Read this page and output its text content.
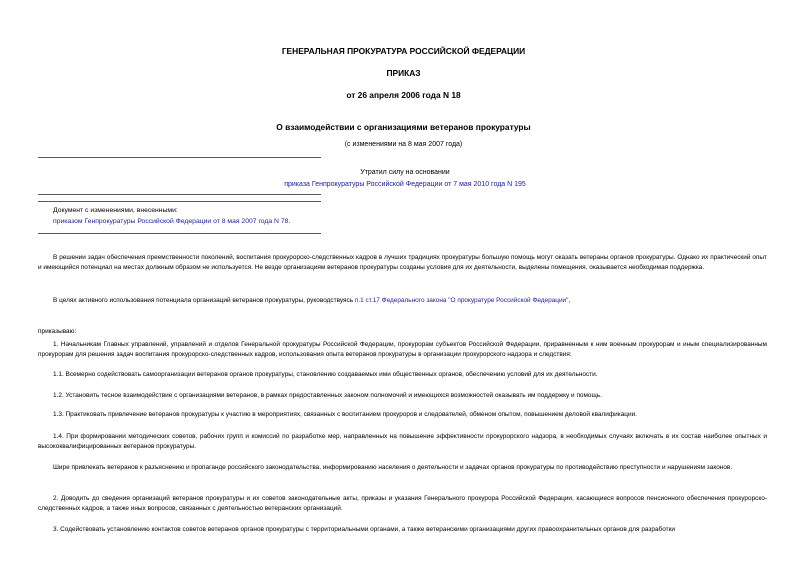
ГЕНЕРАЛЬНАЯ ПРОКУРАТУРА РОССИЙСКОЙ ФЕДЕРАЦИИ
ПРИКАЗ
от 26 апреля 2006 года N 18
О взаимодействии с организациями ветеранов прокуратуры
(с изменениями на 8 мая 2007 года)
Утратил силу на основании
приказа Генпрокуратуры Российской Федерации от 7 мая 2010 года N 195
Документ с изменениями, внесенными:
приказом Генпрокуратуры Российской Федерации от 8 мая 2007 года N 78.
В решении задач обеспечения преемственности поколений, воспитания прокурорско-следственных кадров в лучших традициях прокуратуры большую помощь могут оказать ветераны органов прокуратуры. Однако их практический опыт и имеющийся потенциал на местах должным образом не используется. Не везде организациям ветеранов прокуратуры созданы условия для их деятельности, выделены помещения, оказывается необходимая поддержка.
В целях активного использования потенциала организаций ветеранов прокуратуры, руководствуясь п.1 ст.17 Федерального закона "О прокуратуре Российской Федерации",
приказываю:
1. Начальникам Главных управлений, управлений и отделов Генеральной прокуратуры Российской Федерации, прокурорам субъектов Российской Федерации, приравненным к ним военным прокурорам и иным специализированным прокурорам для решения задач воспитания прокурорско-следственных кадров, использования опыта ветеранов прокуратуры в организации прокурорского надзора и следствия:
1.1. Всемерно содействовать самоорганизации ветеранов органов прокуратуры, становлению создаваемых ими общественных органов, обеспечению условий для их деятельности.
1.2. Установить тесное взаимодействие с организациями ветеранов, в рамках предоставленных законом полномочий и имеющихся возможностей оказывать им поддержку и помощь.
1.3. Практиковать привлечение ветеранов прокуратуры к участию в мероприятиях, связанных с воспитанием прокуроров и следователей, обменом опытом, повышением деловой квалификации.
1.4. При формировании методических советов, рабочих групп и комиссий по разработке мер, направленных на повышение эффективности прокурорского надзора, в необходимых случаях включать в их состав наиболее опытных и высококвалифицированных ветеранов прокуратуры.
Шире привлекать ветеранов к разъяснению и пропаганде российского законодательства, информированию населения о деятельности и задачах органов прокуратуры по противодействию преступности и нарушениям законов.
2. Доводить до сведения организаций ветеранов прокуратуры и их советов законодательные акты, приказы и указания Генерального прокурора Российской Федерации, касающиеся вопросов пенсионного обеспечения прокурорско-следственных кадров, а также иных вопросов, связанных с деятельностью ветеранских организаций.
3. Содействовать установлению контактов советов ветеранов органов прокуратуры с территориальными органами, а также ветеранскими организациями других правоохранительных органов для разработки
